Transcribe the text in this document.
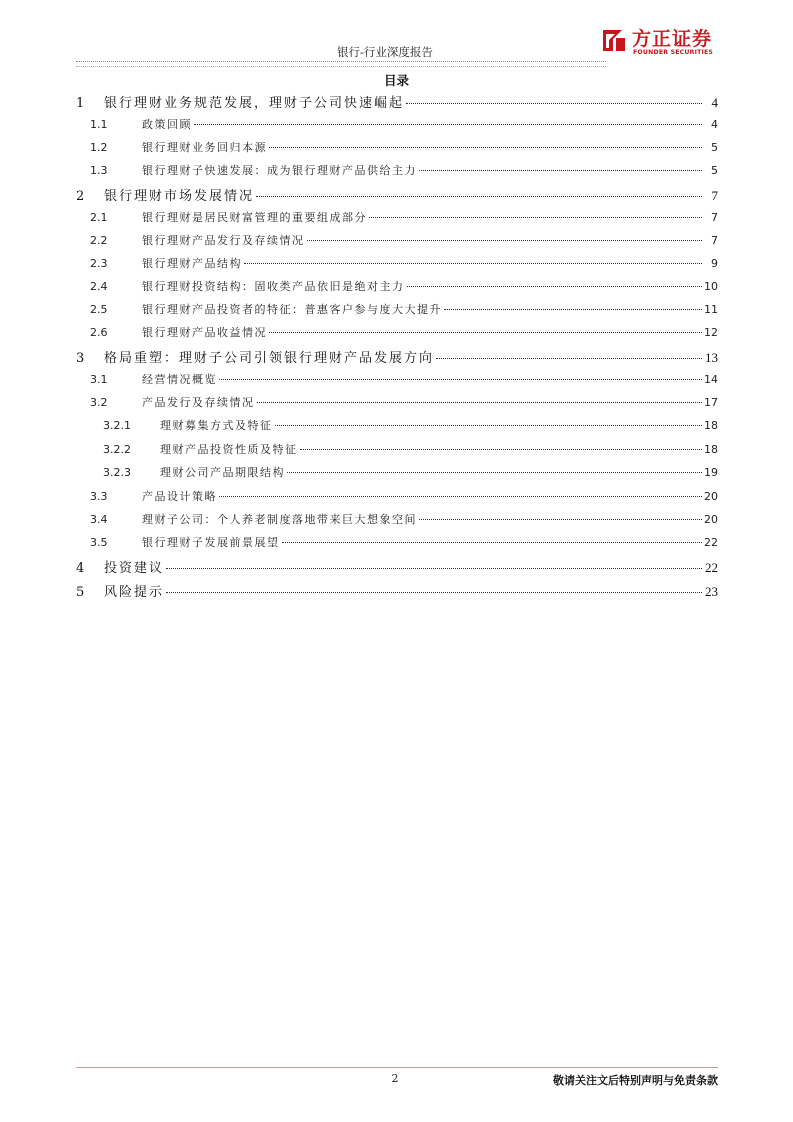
银行-行业深度报告
方正证券
FOUNDER SECURITIES
目录
1	银行理财业务规范发展，理财子公司快速崛起	4
1.1	政策回顾	4
1.2	银行理财业务回归本源	5
1.3	银行理财子快速发展：成为银行理财产品供给主力	5
2	银行理财市场发展情况	7
2.1	银行理财是居民财富管理的重要组成部分	7
2.2	银行理财产品发行及存续情况	7
2.3	银行理财产品结构	9
2.4	银行理财投资结构：固收类产品依旧是绝对主力	10
2.5	银行理财产品投资者的特征：普惠客户参与度大大提升	11
2.6	银行理财产品收益情况	12
3	格局重塑：理财子公司引领银行理财产品发展方向	13
3.1	经营情况概览	14
3.2	产品发行及存续情况	17
3.2.1	理财募集方式及特征	18
3.2.2	理财产品投资性质及特征	18
3.2.3	理财公司产品期限结构	19
3.3	产品设计策略	20
3.4	理财子公司：个人养老制度落地带来巨大想象空间	20
3.5	银行理财子发展前景展望	22
4	投资建议	22
5	风险提示	23
2	敬请关注文后特别声明与免责条款
